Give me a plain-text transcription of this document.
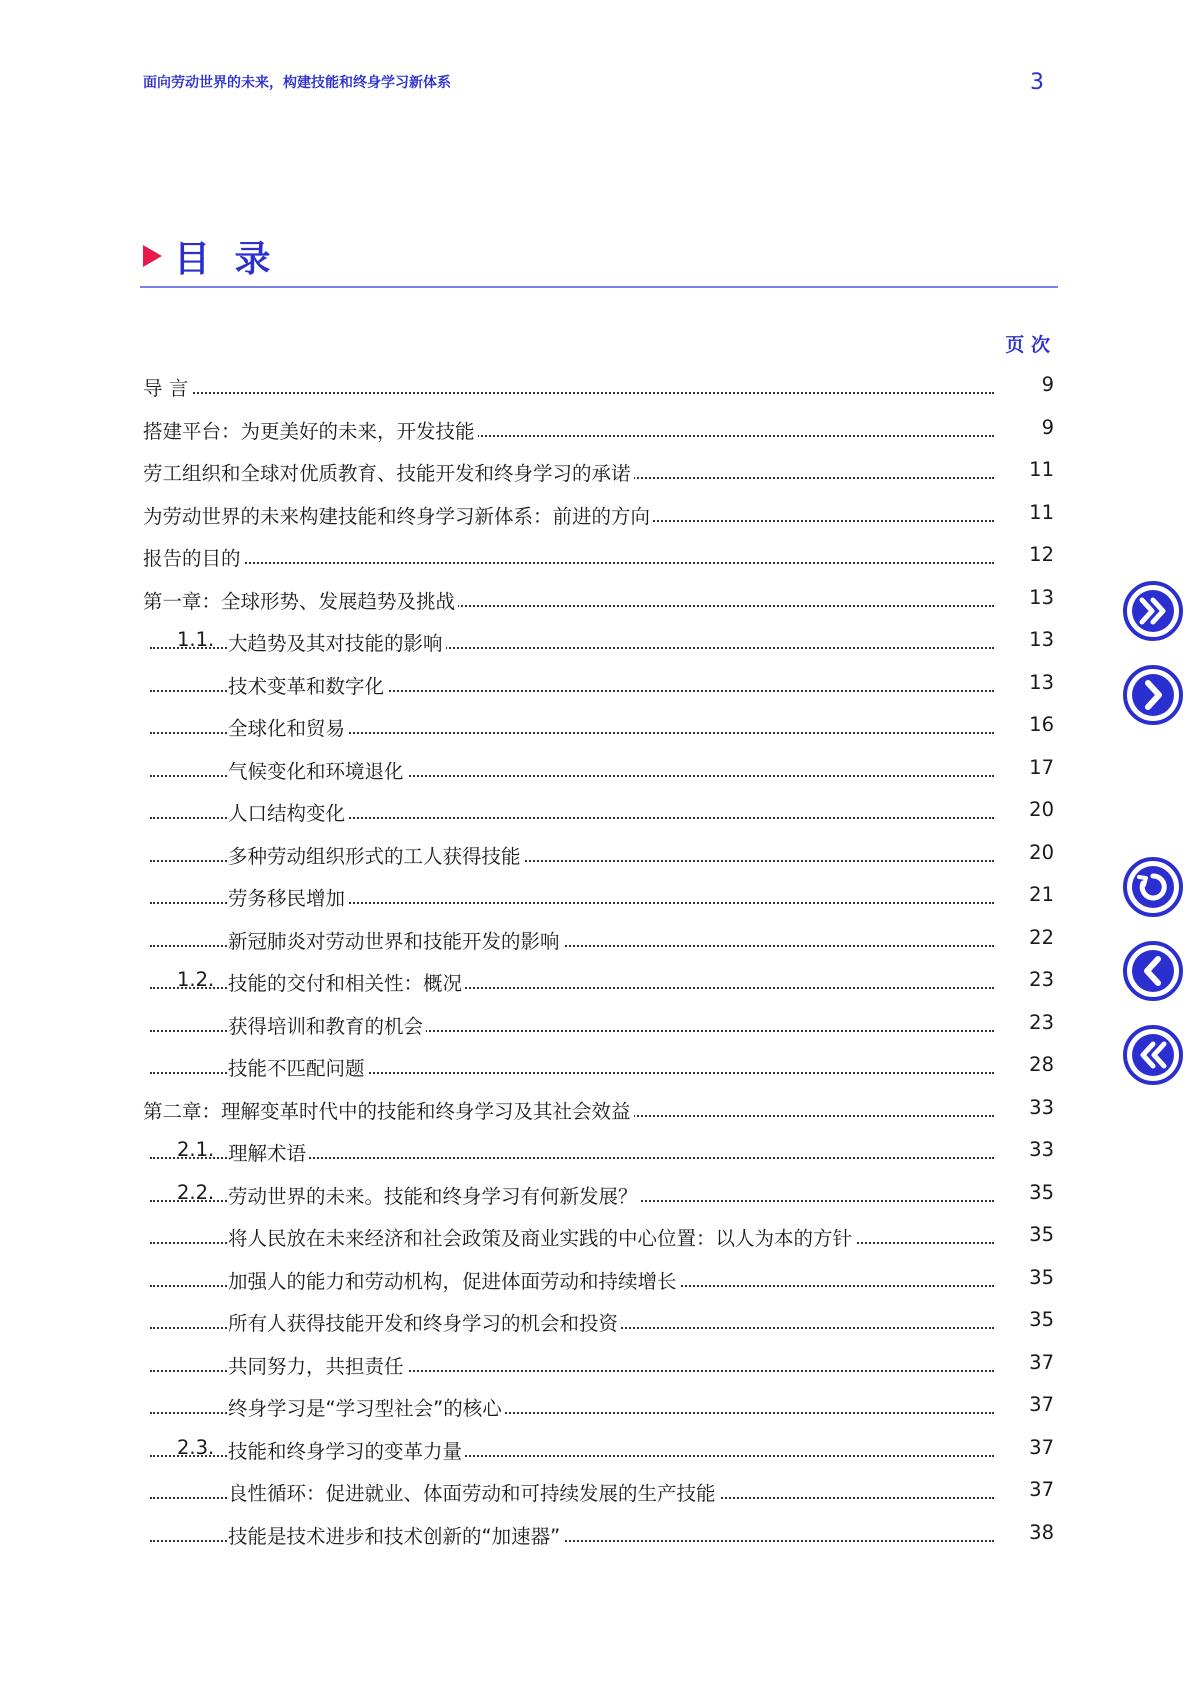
面向劳动世界的未来，构建技能和终身学习新体系	3
目 录
页 次
导 言	9
搭建平台：为更美好的未来，开发技能	9
劳工组织和全球对优质教育、技能开发和终身学习的承诺	11
为劳动世界的未来构建技能和终身学习新体系：前进的方向	11
报告的目的	12
第一章：全球形势、发展趋势及挑战	13
1.1. 大趋势及其对技能的影响	13
技术变革和数字化	13
全球化和贸易	16
气候变化和环境退化	17
人口结构变化	20
多种劳动组织形式的工人获得技能	20
劳务移民增加	21
新冠肺炎对劳动世界和技能开发的影响	22
1.2. 技能的交付和相关性：概况	23
获得培训和教育的机会	23
技能不匹配问题	28
第二章：理解变革时代中的技能和终身学习及其社会效益	33
2.1. 理解术语	33
2.2. 劳动世界的未来。技能和终身学习有何新发展？	35
将人民放在未来经济和社会政策及商业实践的中心位置：以人为本的方针	35
加强人的能力和劳动机构，促进体面劳动和持续增长	35
所有人获得技能开发和终身学习的机会和投资	35
共同努力，共担责任	37
终身学习是“学习型社会”的核心	37
2.3. 技能和终身学习的变革力量	37
良性循环：促进就业、体面劳动和可持续发展的生产技能	37
技能是技术进步和技术创新的“加速器”	38
